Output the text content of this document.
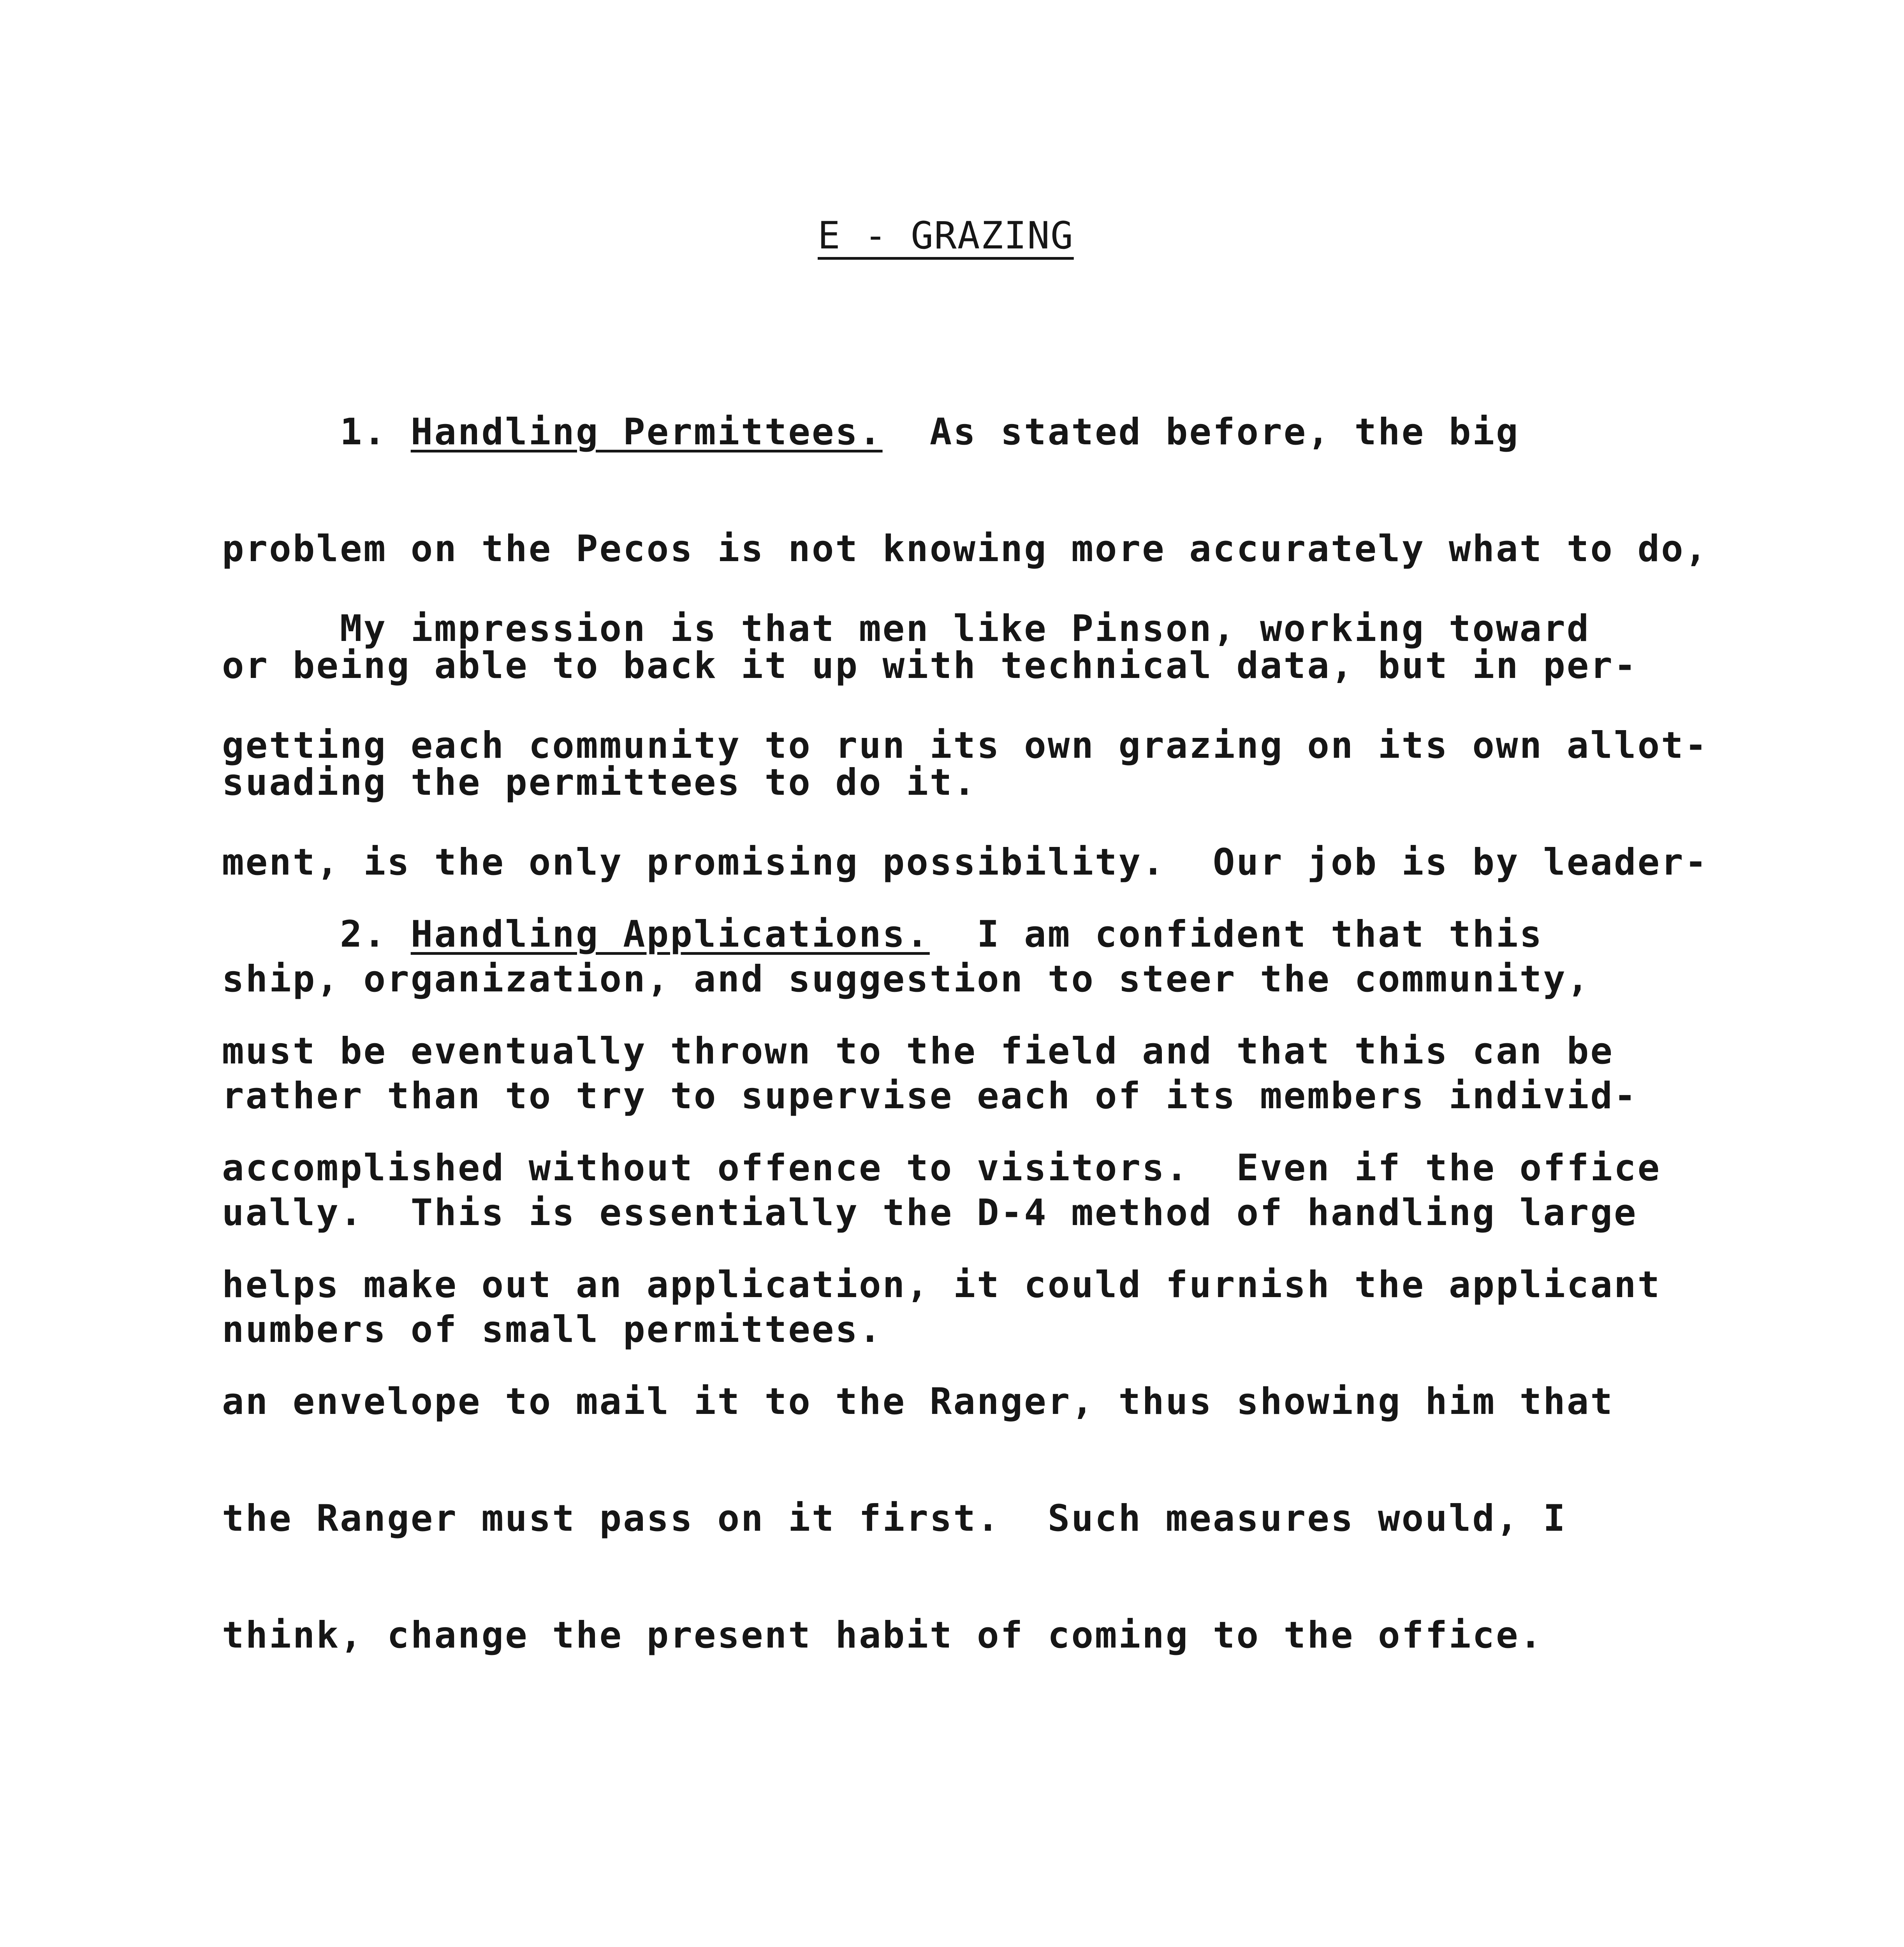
E - GRAZING

1. Handling Permittees. As stated before, the big

problem on the Pecos is not knowing more accurately what to do,

or being able to back it up with technical data, but in per-

suading the permittees to do it.

My impression is that men like Pinson, working toward

getting each community to run its own grazing on its own allot-

ment, is the only promising possibility.  Our job is by leader-

ship, organization, and suggestion to steer the community,

rather than to try to supervise each of its members individ-

ually.  This is essentially the D-4 method of handling large

numbers of small permittees.

2. Handling Applications. I am confident that this

must be eventually thrown to the field and that this can be

accomplished without offence to visitors.  Even if the office

helps make out an application, it could furnish the applicant

an envelope to mail it to the Ranger, thus showing him that

the Ranger must pass on it first.  Such measures would, I

think, change the present habit of coming to the office.
